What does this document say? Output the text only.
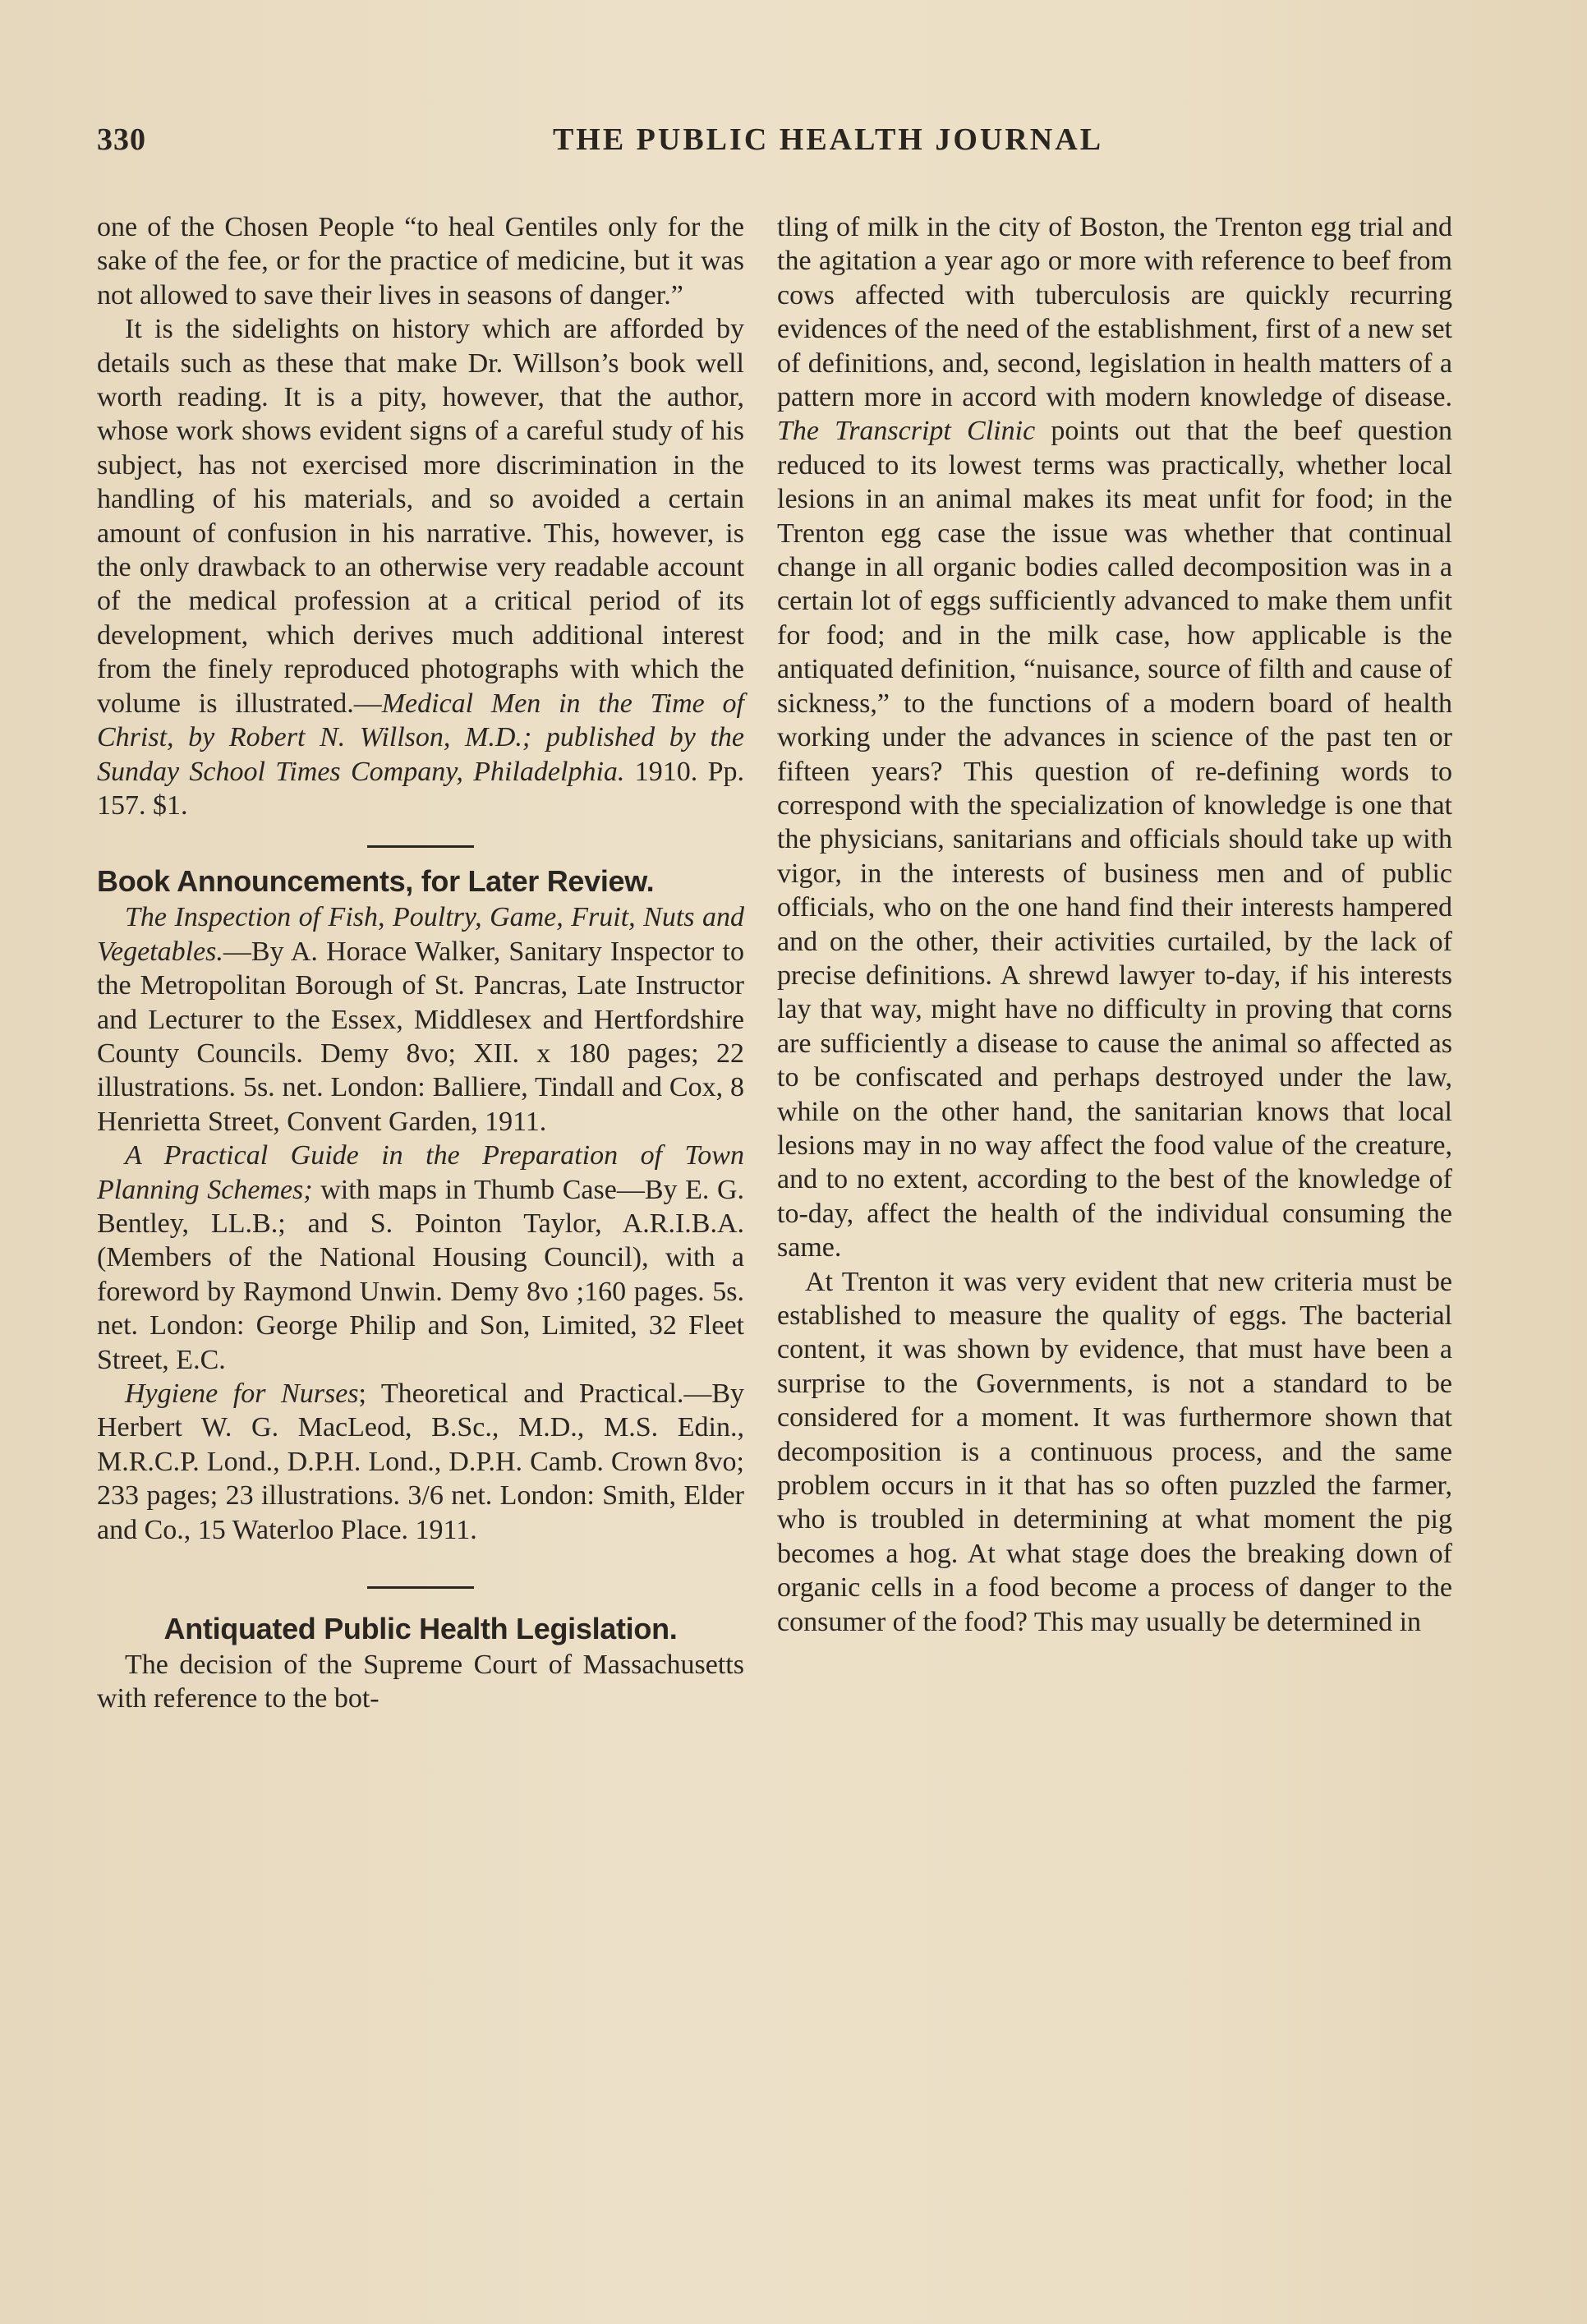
330	THE PUBLIC HEALTH JOURNAL

one of the Chosen People “to heal Gentiles only for the sake of the fee, or for the practice of medicine, but it was not allowed to save their lives in seasons of danger.”

It is the sidelights on history which are afforded by details such as these that make Dr. Willson’s book well worth reading. It is a pity, however, that the author, whose work shows evident signs of a careful study of his subject, has not exercised more discrimination in the handling of his materials, and so avoided a certain amount of confusion in his narrative. This, however, is the only drawback to an otherwise very readable account of the medical profession at a critical period of its development, which derives much additional interest from the finely reproduced photographs with which the volume is illustrated.—Medical Men in the Time of Christ, by Robert N. Willson, M.D.; published by the Sunday School Times Company, Philadelphia. 1910. Pp. 157. $1.

Book Announcements, for Later Review.

The Inspection of Fish, Poultry, Game, Fruit, Nuts and Vegetables.—By A. Horace Walker, Sanitary Inspector to the Metropolitan Borough of St. Pancras, Late Instructor and Lecturer to the Essex, Middlesex and Hertfordshire County Councils. Demy 8vo; XII. x 180 pages; 22 illustrations. 5s. net. London: Balliere, Tindall and Cox, 8 Henrietta Street, Convent Garden, 1911.

A Practical Guide in the Preparation of Town Planning Schemes; with maps in Thumb Case—By E. G. Bentley, LL.B.; and S. Pointon Taylor, A.R.I.B.A. (Members of the National Housing Council), with a foreword by Raymond Unwin. Demy 8vo ;160 pages. 5s. net. London: George Philip and Son, Limited, 32 Fleet Street, E.C.

Hygiene for Nurses; Theoretical and Practical.—By Herbert W. G. MacLeod, B.Sc., M.D., M.S. Edin., M.R.C.P. Lond., D.P.H. Lond., D.P.H. Camb. Crown 8vo; 233 pages; 23 illustrations. 3/6 net. London: Smith, Elder and Co., 15 Waterloo Place. 1911.

Antiquated Public Health Legislation.

The decision of the Supreme Court of Massachusetts with reference to the bot-

tling of milk in the city of Boston, the Trenton egg trial and the agitation a year ago or more with reference to beef from cows affected with tuberculosis are quickly recurring evidences of the need of the establishment, first of a new set of definitions, and, second, legislation in health matters of a pattern more in accord with modern knowledge of disease. The Transcript Clinic points out that the beef question reduced to its lowest terms was practically, whether local lesions in an animal makes its meat unfit for food; in the Trenton egg case the issue was whether that continual change in all organic bodies called decomposition was in a certain lot of eggs sufficiently advanced to make them unfit for food; and in the milk case, how applicable is the antiquated definition, “nuisance, source of filth and cause of sickness,” to the functions of a modern board of health working under the advances in science of the past ten or fifteen years? This question of re-defining words to correspond with the specialization of knowledge is one that the physicians, sanitarians and officials should take up with vigor, in the interests of business men and of public officials, who on the one hand find their interests hampered and on the other, their activities curtailed, by the lack of precise definitions. A shrewd lawyer to-day, if his interests lay that way, might have no difficulty in proving that corns are sufficiently a disease to cause the animal so affected as to be confiscated and perhaps destroyed under the law, while on the other hand, the sanitarian knows that local lesions may in no way affect the food value of the creature, and to no extent, according to the best of the knowledge of to-day, affect the health of the individual consuming the same.

At Trenton it was very evident that new criteria must be established to measure the quality of eggs. The bacterial content, it was shown by evidence, that must have been a surprise to the Governments, is not a standard to be considered for a moment. It was furthermore shown that decomposition is a continuous process, and the same problem occurs in it that has so often puzzled the farmer, who is troubled in determining at what moment the pig becomes a hog. At what stage does the breaking down of organic cells in a food become a process of danger to the consumer of the food? This may usually be determined in
